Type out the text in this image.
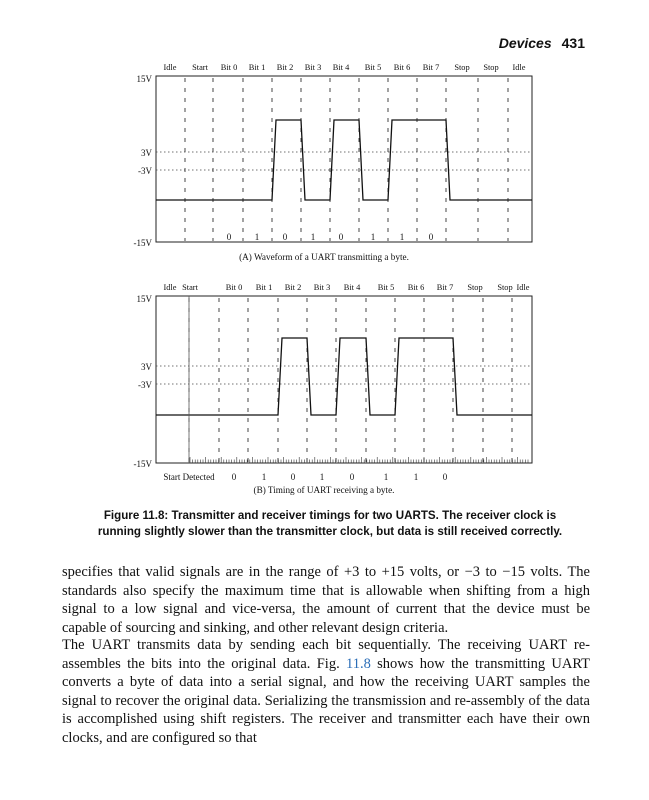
Devices 431
15V
3V
-3V
-15V
Idle Start Bit 0 Bit 1 Bit 2 Bit 3 Bit 4 Bit 5 Bit 6 Bit 7 Stop Stop Idle
0	1	0	1	0	1	1	0
(A) Waveform of a UART transmitting a byte.
15V
3V
-3V
-15V
Idle Start	Bit 0 Bit 1 Bit 2 Bit 3 Bit 4 Bit 5 Bit 6 Bit 7 Stop Stop Idle
0	1	0	1	0	1	1	0
(B) Timing of UART receiving a byte.
Start Detected
Figure 11.8: Transmitter and receiver timings for two UARTS. The receiver clock is running slightly slower than the transmitter clock, but data is still received correctly.
specifies that valid signals are in the range of +3 to +15 volts, or −3 to −15 volts. The standards also specify the maximum time that is allowable when shifting from a high signal to a low signal and vice-versa, the amount of current that the device must be capable of sourcing and sinking, and other relevant design criteria.
The UART transmits data by sending each bit sequentially. The receiving UART re-assembles the bits into the original data. Fig. 11.8 shows how the transmitting UART converts a byte of data into a serial signal, and how the receiving UART samples the signal to recover the original data. Serializing the transmission and re-assembly of the data is accomplished using shift registers. The receiver and transmitter each have their own clocks, and are configured so that
